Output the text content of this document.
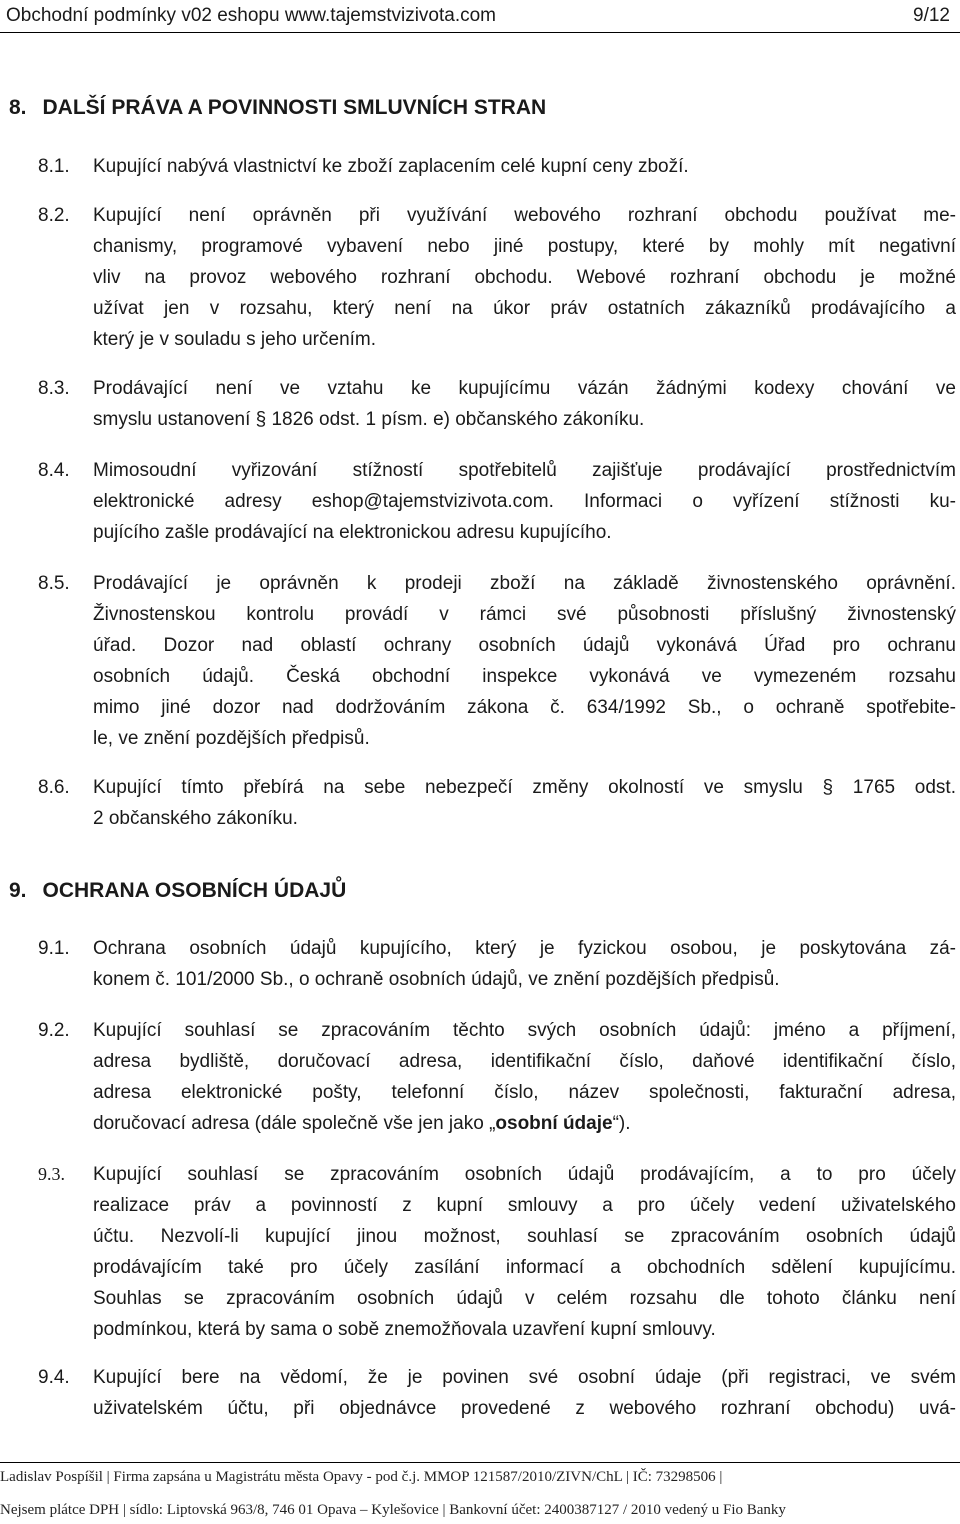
Obchodní podmínky v02 eshopu www.tajemstvizivota.com	9/12
8. DALŠÍ PRÁVA A POVINNOSTI SMLUVNÍCH STRAN
8.1.	Kupující nabývá vlastnictví ke zboží zaplacením celé kupní ceny zboží.
8.2.	Kupující není oprávněn při využívání webového rozhraní obchodu používat me-
chanismy, programové vybavení nebo jiné postupy, které by mohly mít negativní
vliv na provoz webového rozhraní obchodu. Webové rozhraní obchodu je možné
užívat jen v rozsahu, který není na úkor práv ostatních zákazníků prodávajícího a
který je v souladu s jeho určením.
8.3.	Prodávající není ve vztahu ke kupujícímu vázán žádnými kodexy chování ve
smyslu ustanovení § 1826 odst. 1 písm. e) občanského zákoníku.
8.4.	Mimosoudní vyřizování stížností spotřebitelů zajišťuje prodávající prostřednictvím
elektronické adresy eshop@tajemstvizivota.com. Informaci o vyřízení stížnosti ku-
pujícího zašle prodávající na elektronickou adresu kupujícího.
8.5.	Prodávající je oprávněn k prodeji zboží na základě živnostenského oprávnění.
Živnostenskou kontrolu provádí v rámci své působnosti příslušný živnostenský
úřad. Dozor nad oblastí ochrany osobních údajů vykonává Úřad pro ochranu
osobních údajů. Česká obchodní inspekce vykonává ve vymezeném rozsahu
mimo jiné dozor nad dodržováním zákona č. 634/1992 Sb., o ochraně spotřebite-
le, ve znění pozdějších předpisů.
8.6.	Kupující tímto přebírá na sebe nebezpečí změny okolností ve smyslu § 1765 odst.
2 občanského zákoníku.
9. OCHRANA OSOBNÍCH ÚDAJŮ
9.1.	Ochrana osobních údajů kupujícího, který je fyzickou osobou, je poskytována zá-
konem č. 101/2000 Sb., o ochraně osobních údajů, ve znění pozdějších předpisů.
9.2.	Kupující souhlasí se zpracováním těchto svých osobních údajů: jméno a příjmení,
adresa bydliště, doručovací adresa, identifikační číslo, daňové identifikační číslo,
adresa elektronické pošty, telefonní číslo, název společnosti, fakturační adresa,
doručovací adresa (dále společně vše jen jako „osobní údaje“).
9.3.	Kupující souhlasí se zpracováním osobních údajů prodávajícím, a to pro účely
realizace práv a povinností z kupní smlouvy a pro účely vedení uživatelského
účtu. Nezvolí-li kupující jinou možnost, souhlasí se zpracováním osobních údajů
prodávajícím také pro účely zasílání informací a obchodních sdělení kupujícímu.
Souhlas se zpracováním osobních údajů v celém rozsahu dle tohoto článku není
podmínkou, která by sama o sobě znemožňovala uzavření kupní smlouvy.
9.4.	Kupující bere na vědomí, že je povinen své osobní údaje (při registraci, ve svém
uživatelském účtu, při objednávce provedené z webového rozhraní obchodu) uvá-
Ladislav Pospíšil | Firma zapsána u Magistrátu města Opavy - pod č.j. MMOP 121587/2010/ZIVN/ChL | IČ: 73298506 |
Nejsem plátce DPH | sídlo: Liptovská 963/8, 746 01 Opava – Kylešovice | Bankovní účet: 2400387127 / 2010 vedený u Fio Banky
